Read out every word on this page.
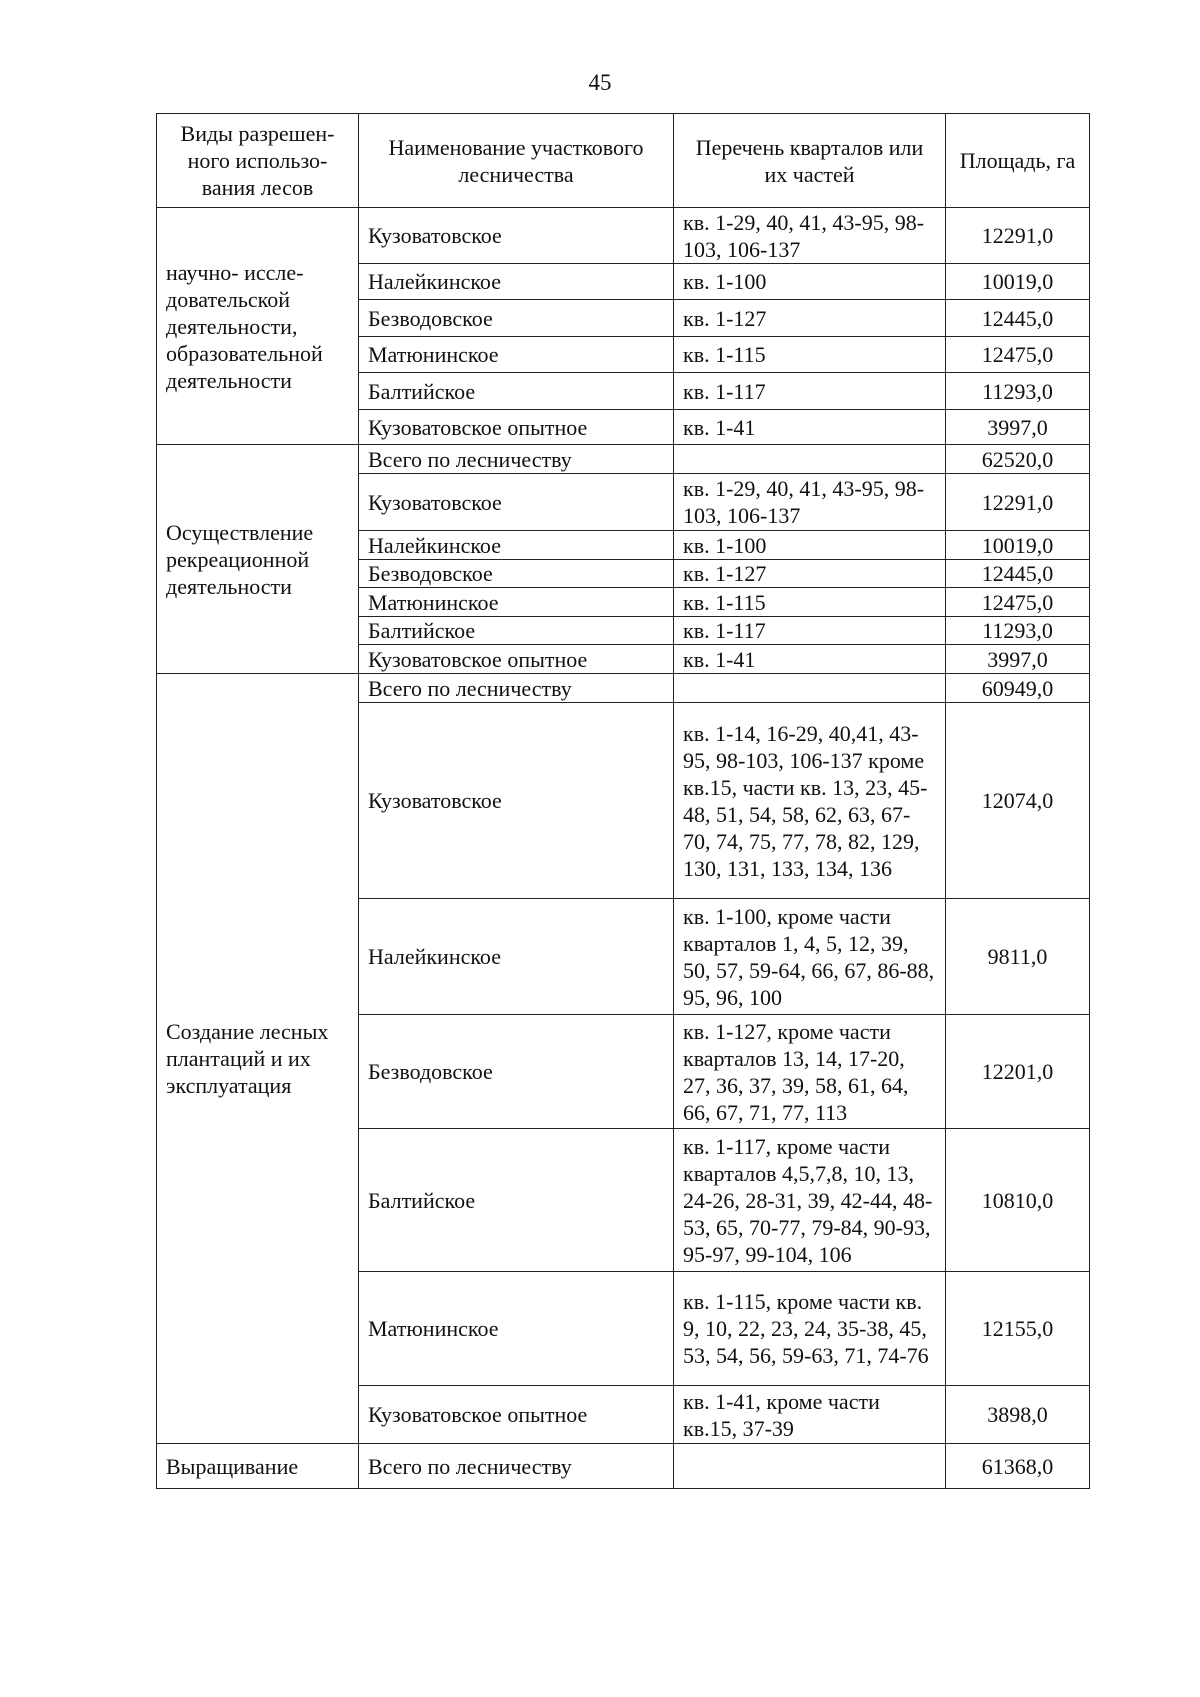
45
Виды разрешен-ного использо-вания лесов	Наименование участкового лесничества	Перечень кварталов или их частей	Площадь, га
научно- иссле-довательской деятельности, образовательной деятельности	Кузоватовское	кв. 1-29, 40, 41, 43-95, 98-103, 106-137	12291,0
	Налейкинское	кв. 1-100	10019,0
	Безводовское	кв. 1-127	12445,0
	Матюнинское	кв. 1-115	12475,0
	Балтийское	кв. 1-117	11293,0
	Кузоватовское опытное	кв. 1-41	3997,0
Осуществление рекреационной деятельности	Всего по лесничеству		62520,0
	Кузоватовское	кв. 1-29, 40, 41, 43-95, 98-103, 106-137	12291,0
	Налейкинское	кв. 1-100	10019,0
	Безводовское	кв. 1-127	12445,0
	Матюнинское	кв. 1-115	12475,0
	Балтийское	кв. 1-117	11293,0
	Кузоватовское опытное	кв. 1-41	3997,0
Создание лесных плантаций и их эксплуатация	Всего по лесничеству		60949,0
	Кузоватовское	кв. 1-14, 16-29, 40,41, 43-95, 98-103, 106-137 кроме кв.15, части кв. 13, 23, 45-48, 51, 54, 58, 62, 63, 67-70, 74, 75, 77, 78, 82, 129, 130, 131, 133, 134, 136	12074,0
	Налейкинское	кв. 1-100, кроме части кварталов 1, 4, 5, 12, 39, 50, 57, 59-64, 66, 67, 86-88, 95, 96, 100	9811,0
	Безводовское	кв. 1-127, кроме части кварталов 13, 14, 17-20, 27, 36, 37, 39, 58, 61, 64, 66, 67, 71, 77, 113	12201,0
	Балтийское	кв. 1-117, кроме части кварталов 4,5,7,8, 10, 13, 24-26, 28-31, 39, 42-44, 48-53, 65, 70-77, 79-84, 90-93, 95-97, 99-104, 106	10810,0
	Матюнинское	кв. 1-115, кроме части кв. 9, 10, 22, 23, 24, 35-38, 45, 53, 54, 56, 59-63, 71, 74-76	12155,0
	Кузоватовское опытное	кв. 1-41, кроме части кв.15, 37-39	3898,0
Выращивание	Всего по лесничеству		61368,0
